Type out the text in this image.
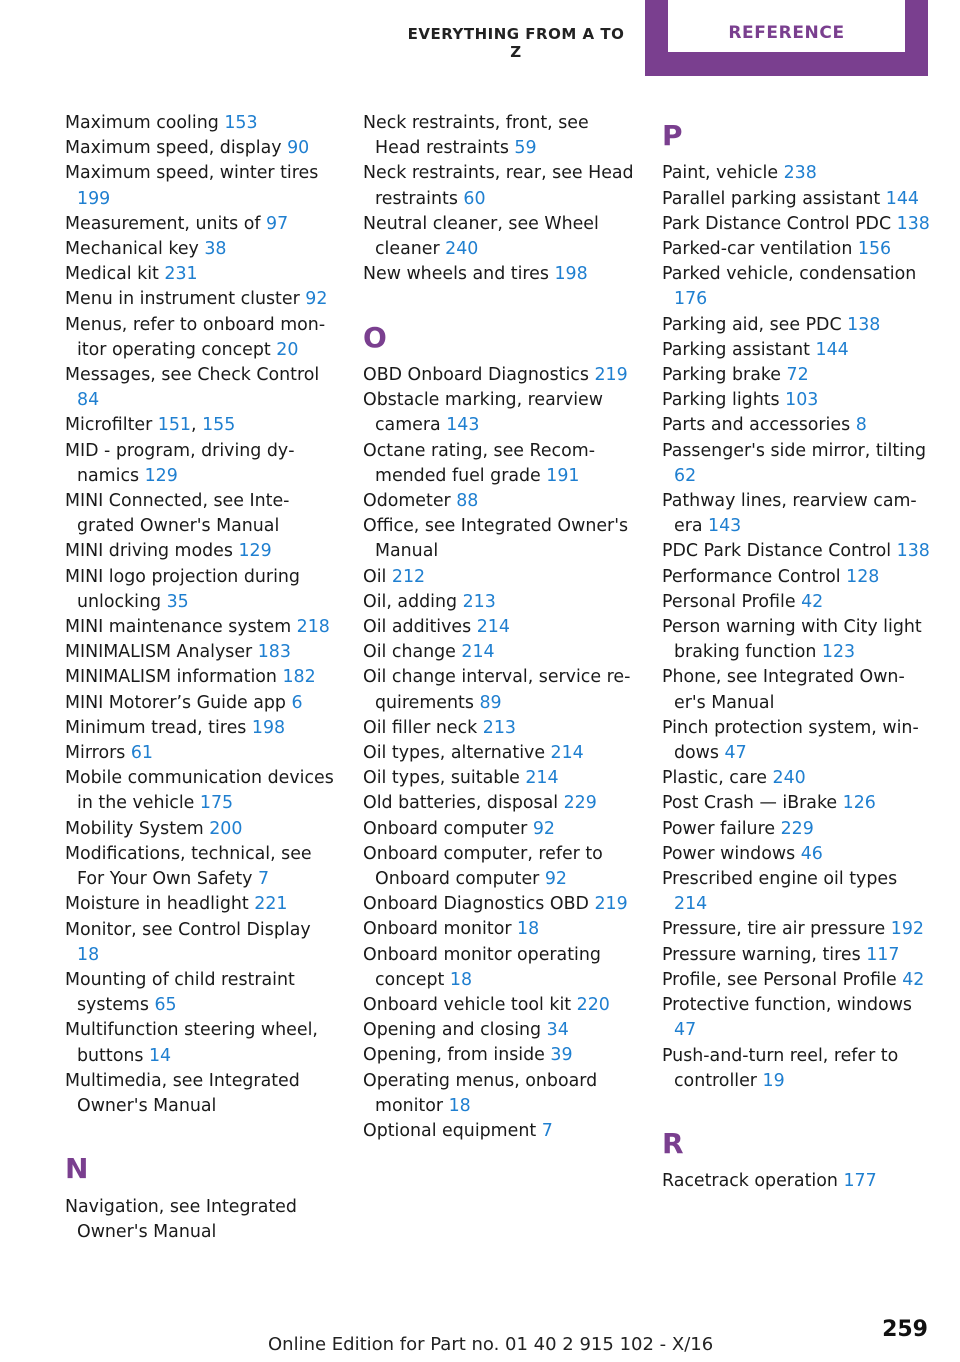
EVERYTHING FROM A TO Z
REFERENCE

Maximum cooling 153

Maximum speed, display 90

Maximum speed, winter tires 199

Measurement, units of 97

Mechanical key 38

Medical kit 231

Menu in instrument cluster 92

Menus, refer to onboard monitor operating concept 20

Messages, see Check Control 84

Microfilter 151, 155

MID - program, driving dynamics 129

MINI Connected, see Integrated Owner's Manual

MINI driving modes 129

MINI logo projection during unlocking 35

MINI maintenance system 218

MINIMALISM Analyser 183

MINIMALISM information 182

MINI Motorer’s Guide app 6

Minimum tread, tires 198

Mirrors 61

Mobile communication devices in the vehicle 175

Mobility System 200

Modifications, technical, see For Your Own Safety 7

Moisture in headlight 221

Monitor, see Control Display 18

Mounting of child restraint systems 65

Multifunction steering wheel, buttons 14

Multimedia, see Integrated Owner's Manual

N

Navigation, see Integrated Owner's Manual

Neck restraints, front, see Head restraints 59

Neck restraints, rear, see Head restraints 60

Neutral cleaner, see Wheel cleaner 240

New wheels and tires 198

O

OBD Onboard Diagnostics 219

Obstacle marking, rearview camera 143

Octane rating, see Recommended fuel grade 191

Odometer 88

Office, see Integrated Owner's Manual

Oil 212

Oil, adding 213

Oil additives 214

Oil change 214

Oil change interval, service requirements 89

Oil filler neck 213

Oil types, alternative 214

Oil types, suitable 214

Old batteries, disposal 229

Onboard computer 92

Onboard computer, refer to Onboard computer 92

Onboard Diagnostics OBD 219

Onboard monitor 18

Onboard monitor operating concept 18

Onboard vehicle tool kit 220

Opening and closing 34

Opening, from inside 39

Operating menus, onboard monitor 18

Optional equipment 7

P

Paint, vehicle 238

Parallel parking assistant 144

Park Distance Control PDC 138

Parked-car ventilation 156

Parked vehicle, condensation 176

Parking aid, see PDC 138

Parking assistant 144

Parking brake 72

Parking lights 103

Parts and accessories 8

Passenger's side mirror, tilting 62

Pathway lines, rearview camera 143

PDC Park Distance Control 138

Performance Control 128

Personal Profile 42

Person warning with City light braking function 123

Phone, see Integrated Owner's Manual

Pinch protection system, windows 47

Plastic, care 240

Post Crash — iBrake 126

Power failure 229

Power windows 46

Prescribed engine oil types 214

Pressure, tire air pressure 192

Pressure warning, tires 117

Profile, see Personal Profile 42

Protective function, windows 47

Push-and-turn reel, refer to controller 19

R

Racetrack operation 177

259
Online Edition for Part no. 01 40 2 915 102 - X/16
